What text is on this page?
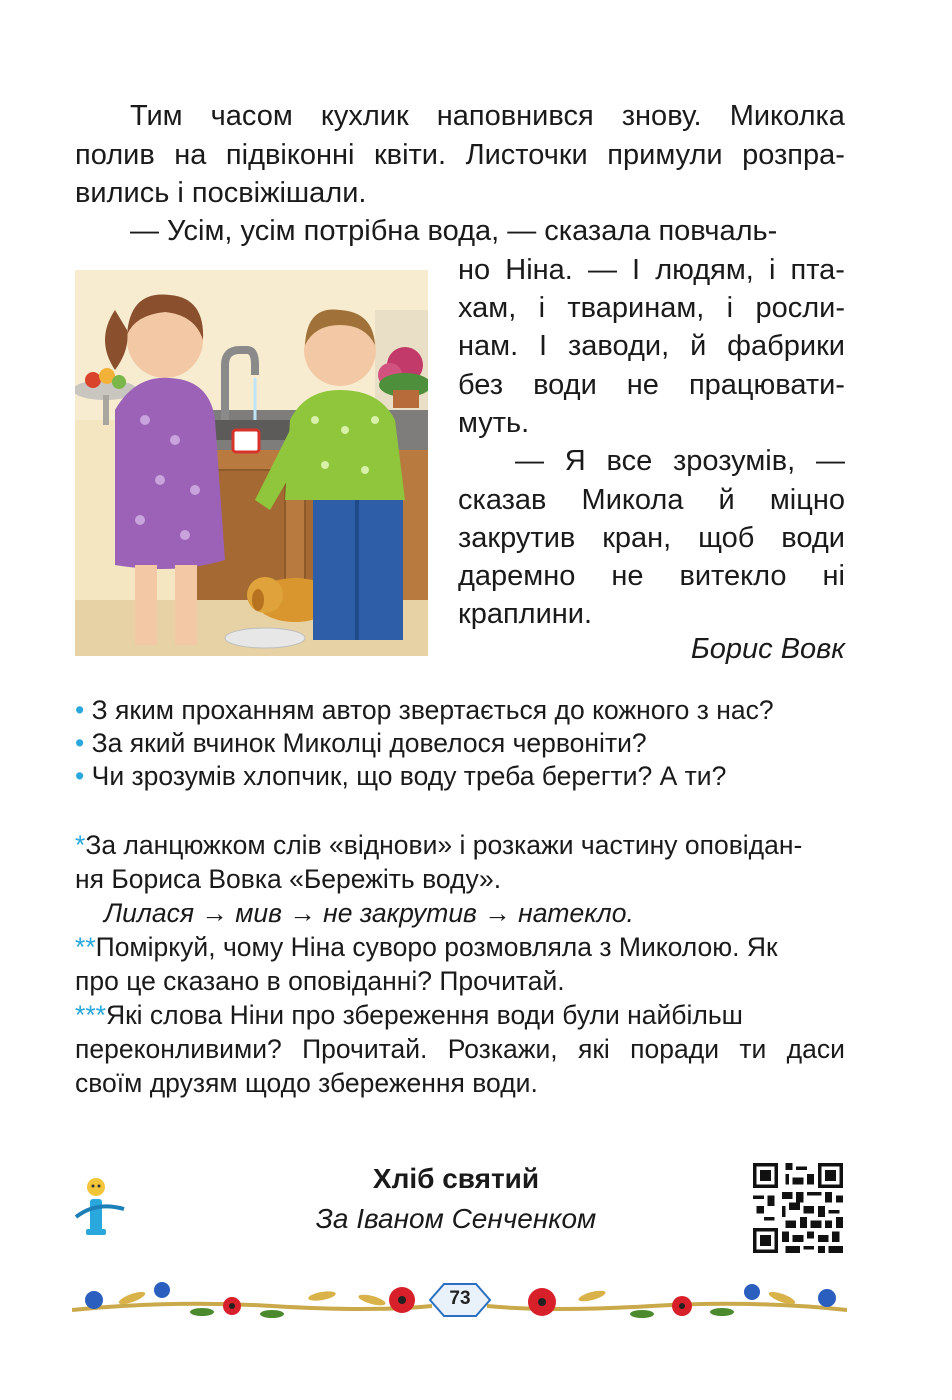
Тим часом кухлик наповнився знову. Миколка
полив на підвіконні квіти. Листочки примули розпра-
вились і посвіжішали.
— Усім, усім потрібна вода, — сказала повчаль-
но Ніна. — І людям, і пта-
хам, і тваринам, і росли-
нам. І заводи, й фабрики
без води не працювати-
муть.
— Я все зрозумів, —
сказав Микола й міцно
закрутив кран, щоб води
даремно не витекло ні
краплини.
Борис Вовк
• З яким проханням автор звертається до кожного з нас?
• За який вчинок Миколці довелося червоніти?
• Чи зрозумів хлопчик, що воду треба берегти? А ти?
*За ланцюжком слів «віднови» і розкажи частину оповідан-
ня Бориса Вовка «Бережіть воду».
Лилася → мив → не закрутив → натекло.
**Поміркуй, чому Ніна суворо розмовляла з Миколою. Як
про це сказано в оповіданні? Прочитай.
***Які слова Ніни про збереження води були найбільш
переконливими? Прочитай. Розкажи, які поради ти даси
своїм друзям щодо збереження води.
Хліб святий
За Іваном Сенченком
73
